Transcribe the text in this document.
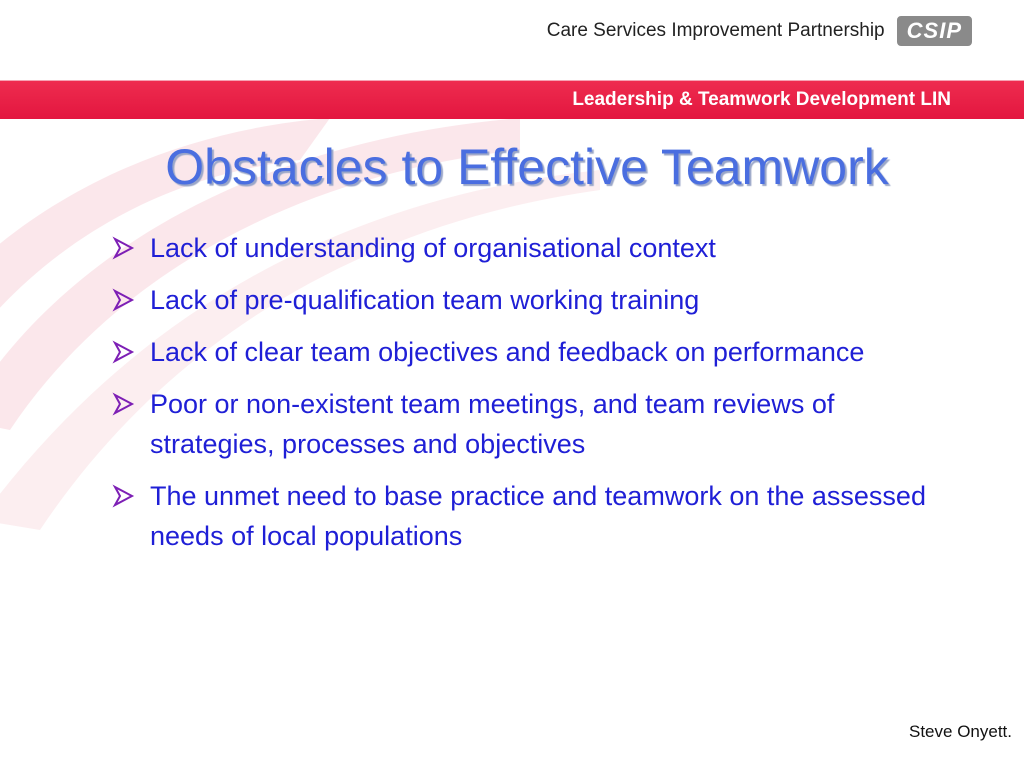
Care Services Improvement Partnership	CSIP
Leadership & Teamwork Development LIN
Obstacles to Effective Teamwork
Lack of understanding of organisational context
Lack of pre-qualification team working training
Lack of clear team objectives and feedback on performance
Poor or non-existent team meetings, and team reviews of strategies, processes and objectives
The unmet need to base practice and teamwork on the assessed needs of local populations
Steve Onyett.
